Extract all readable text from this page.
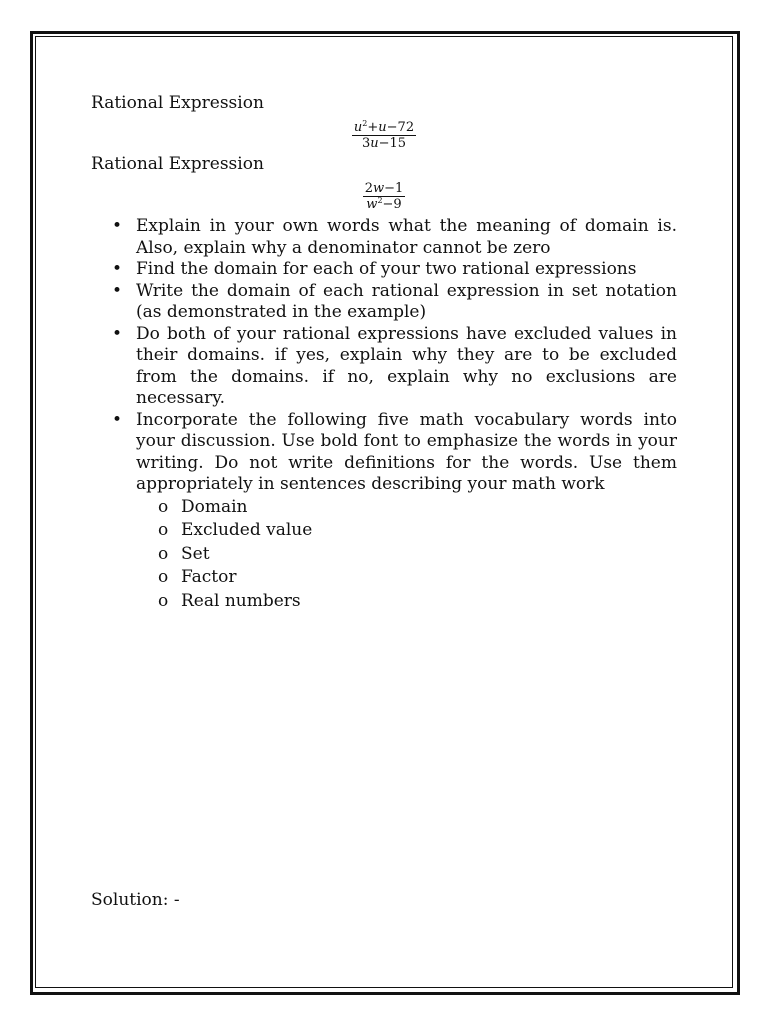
Rational Expression

$\frac{u^2+u-72}{3u-15}$

Rational Expression

$\frac{2w-1}{w^2-9}$
• Explain in your own words what the meaning of domain is. Also, explain why a denominator cannot be zero
• Find the domain for each of your two rational expressions
• Write the domain of each rational expression in set notation (as demonstrated in the example)
• Do both of your rational expressions have excluded values in their domains. if yes, explain why they are to be excluded from the domains. if no, explain why no exclusions are necessary.
• Incorporate the following five math vocabulary words into your discussion. Use bold font to emphasize the words in your writing. Do not write definitions for the words. Use them appropriately in sentences describing your math work
o Domain
o Excluded value
o Set
o Factor
o Real numbers
Solution: -
